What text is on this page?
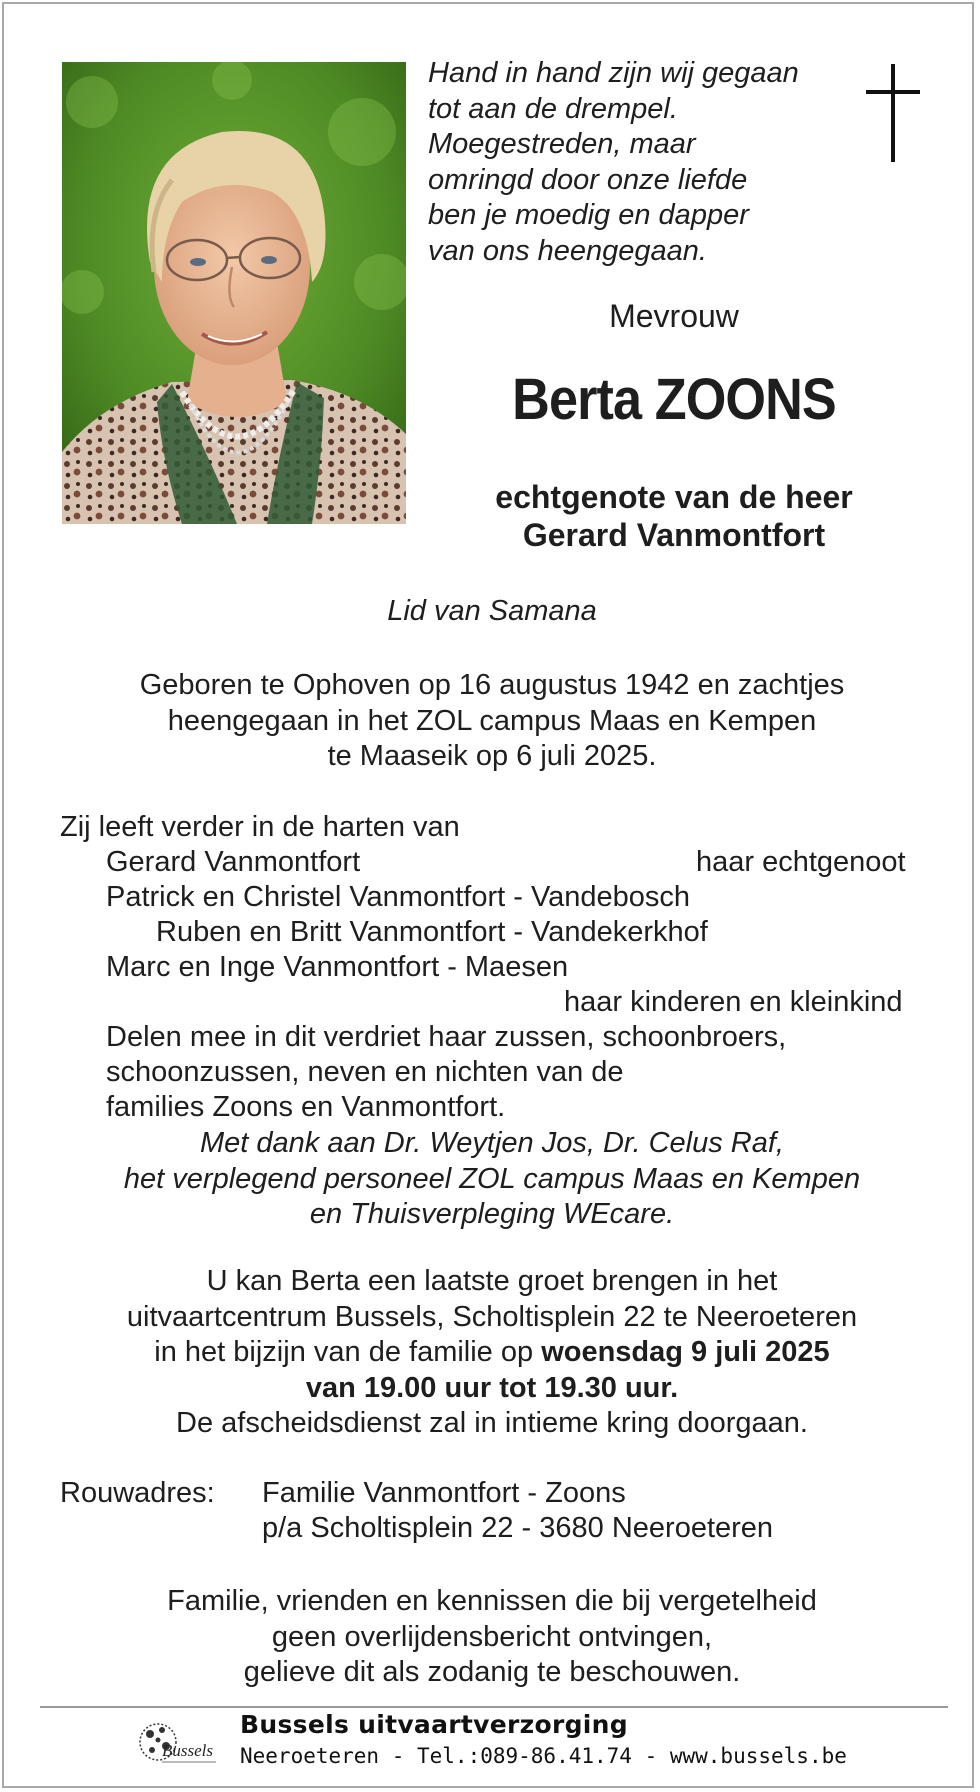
Hand in hand zijn wij gegaan
tot aan de drempel.
Moegestreden, maar
omringd door onze liefde
ben je moedig en dapper
van ons heengegaan.
Mevrouw
Berta ZOONS
echtgenote van de heer
Gerard Vanmontfort
Lid van Samana
Geboren te Ophoven op 16 augustus 1942 en zachtjes
heengegaan in het ZOL campus Maas en Kempen
te Maaseik op 6 juli 2025.
Zij leeft verder in de harten van
Gerard Vanmontfort	haar echtgenoot
Patrick en Christel Vanmontfort - Vandebosch
Ruben en Britt Vanmontfort - Vandekerkhof
Marc en Inge Vanmontfort - Maesen
haar kinderen en kleinkind
Delen mee in dit verdriet haar zussen, schoonbroers,
schoonzussen, neven en nichten van de
families Zoons en Vanmontfort.
Met dank aan Dr. Weytjen Jos, Dr. Celus Raf,
het verplegend personeel ZOL campus Maas en Kempen
en Thuisverpleging WEcare.
U kan Berta een laatste groet brengen in het
uitvaartcentrum Bussels, Scholtisplein 22 te Neeroeteren
in het bijzijn van de familie op woensdag 9 juli 2025
van 19.00 uur tot 19.30 uur.
De afscheidsdienst zal in intieme kring doorgaan.
Rouwadres: Familie Vanmontfort - Zoons
p/a Scholtisplein 22 - 3680 Neeroeteren
Familie, vrienden en kennissen die bij vergetelheid
geen overlijdensbericht ontvingen,
gelieve dit als zodanig te beschouwen.
Bussels
Bussels uitvaartverzorging
Neeroeteren - Tel.:089-86.41.74 - www.bussels.be
